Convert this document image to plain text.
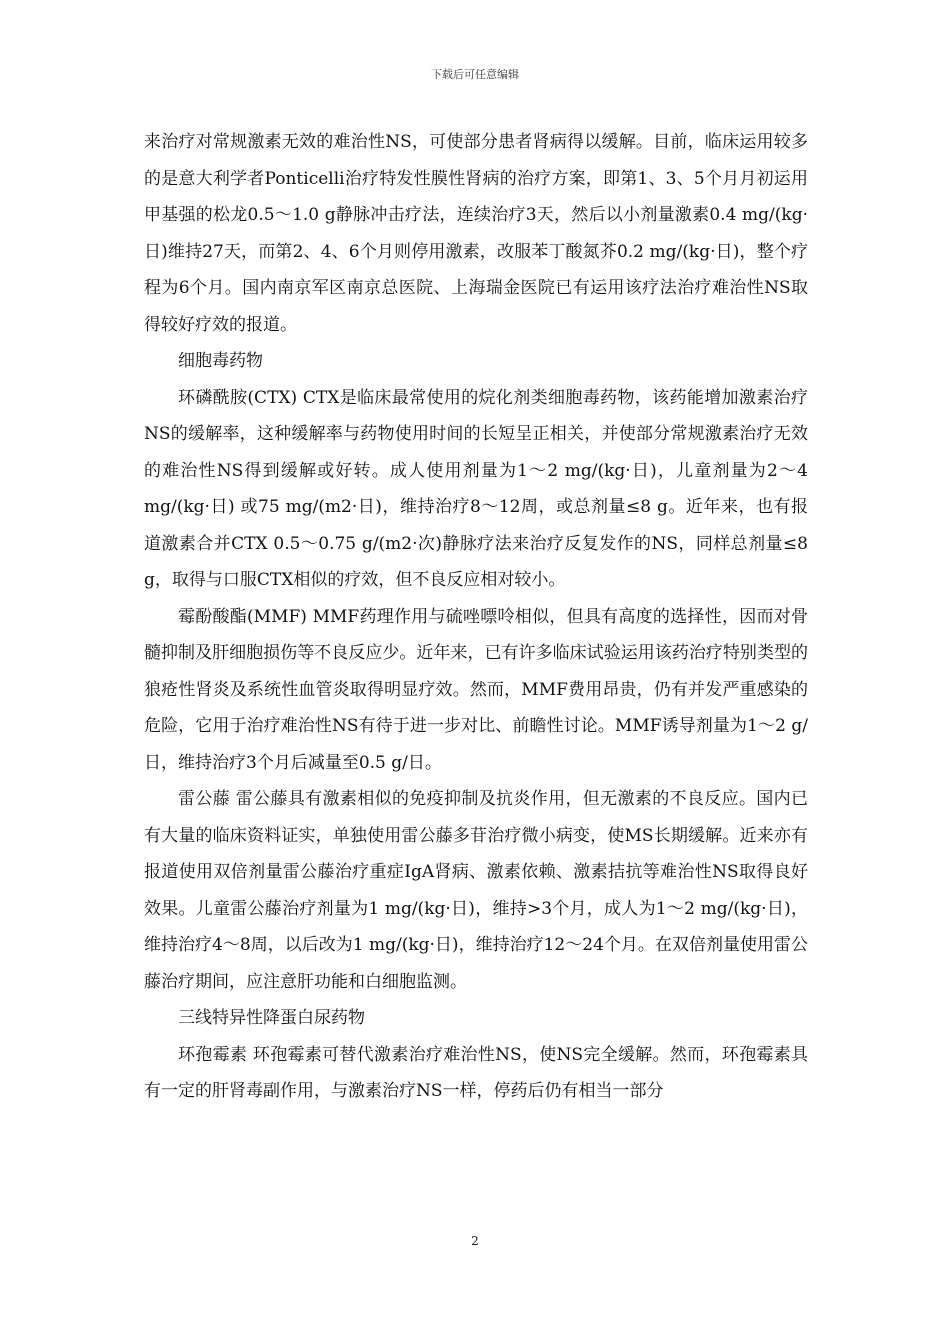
下载后可任意编辑

来治疗对常规激素无效的难治性NS，可使部分患者肾病得以缓解。目前，临床运用较多的是意大利学者Ponticelli治疗特发性膜性肾病的治疗方案，即第1、3、5个月月初运用甲基强的松龙0.5～1.0 g静脉冲击疗法，连续治疗3天，然后以小剂量激素0.4 mg/(kg·日)维持27天，而第2、4、6个月则停用激素，改服苯丁酸氮芥0.2 mg/(kg·日)，整个疗程为6个月。国内南京军区南京总医院、上海瑞金医院已有运用该疗法治疗难治性NS取得较好疗效的报道。

细胞毒药物

环磷酰胺(CTX) CTX是临床最常使用的烷化剂类细胞毒药物，该药能增加激素治疗NS的缓解率，这种缓解率与药物使用时间的长短呈正相关，并使部分常规激素治疗无效的难治性NS得到缓解或好转。成人使用剂量为1～2 mg/(kg·日)，儿童剂量为2～4 mg/(kg·日) 或75 mg/(m2·日)，维持治疗8～12周，或总剂量≤8 g。近年来，也有报道激素合并CTX 0.5～0.75 g/(m2·次)静脉疗法来治疗反复发作的NS，同样总剂量≤8 g，取得与口服CTX相似的疗效，但不良反应相对较小。

霉酚酸酯(MMF) MMF药理作用与硫唑嘌呤相似，但具有高度的选择性，因而对骨髓抑制及肝细胞损伤等不良反应少。近年来，已有许多临床试验运用该药治疗特别类型的狼疮性肾炎及系统性血管炎取得明显疗效。然而，MMF费用昂贵，仍有并发严重感染的危险，它用于治疗难治性NS有待于进一步对比、前瞻性讨论。MMF诱导剂量为1～2 g/日，维持治疗3个月后减量至0.5 g/日。

雷公藤 雷公藤具有激素相似的免疫抑制及抗炎作用，但无激素的不良反应。国内已有大量的临床资料证实，单独使用雷公藤多苷治疗微小病变，使MS长期缓解。近来亦有报道使用双倍剂量雷公藤治疗重症IgA肾病、激素依赖、激素拮抗等难治性NS取得良好效果。儿童雷公藤治疗剂量为1 mg/(kg·日)，维持>3个月，成人为1～2 mg/(kg·日)，维持治疗4～8周，以后改为1 mg/(kg·日)，维持治疗12～24个月。在双倍剂量使用雷公藤治疗期间，应注意肝功能和白细胞监测。

三线特异性降蛋白尿药物

环孢霉素 环孢霉素可替代激素治疗难治性NS，使NS完全缓解。然而，环孢霉素具有一定的肝肾毒副作用，与激素治疗NS一样，停药后仍有相当一部分

2
